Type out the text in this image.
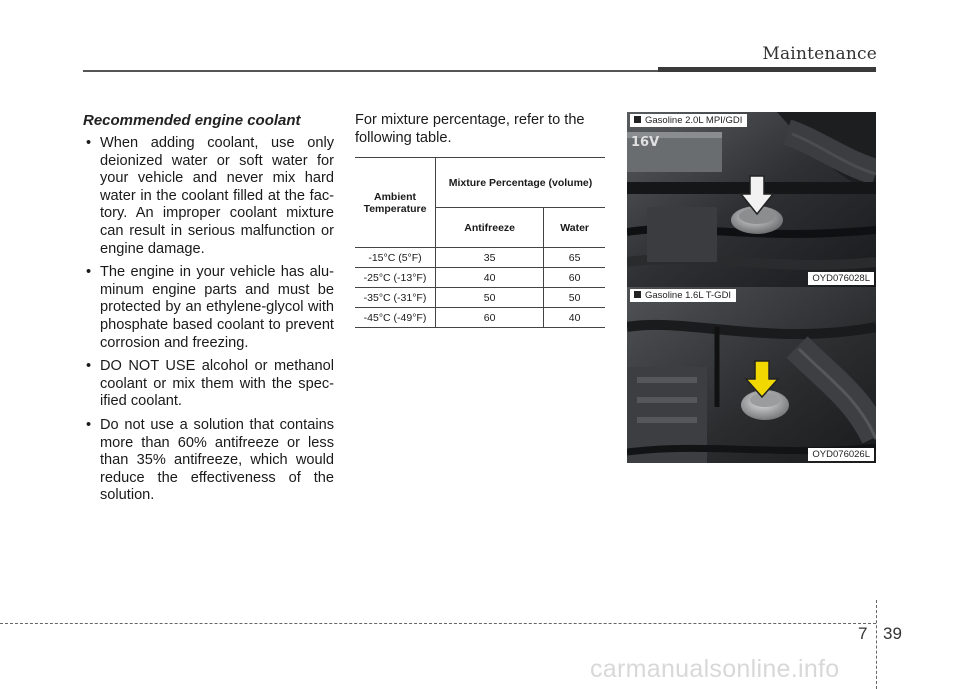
Maintenance
Recommended engine coolant
• When adding coolant, use only deionized water or soft water for your vehicle and never mix hard water in the coolant filled at the factory. An improper coolant mixture can result in serious malfunction or engine damage.
• The engine in your vehicle has aluminum engine parts and must be protected by an ethylene-glycol with phosphate based coolant to prevent corrosion and freezing.
• DO NOT USE alcohol or methanol coolant or mix them with the specified coolant.
• Do not use a solution that contains more than 60% antifreeze or less than 35% antifreeze, which would reduce the effectiveness of the solution.

For mixture percentage, refer to the following table.

Ambient Temperature	Mixture Percentage (volume)	
	Antifreeze	Water
-15°C (5°F)	35	65
-25°C (-13°F)	40	60
-35°C (-31°F)	50	50
-45°C (-49°F)	60	40
16V
Gasoline 2.0L MPI/GDI
OYD076028L
Gasoline 1.6L T-GDI
OYD076026L
7 39
carmanualsonline.info
